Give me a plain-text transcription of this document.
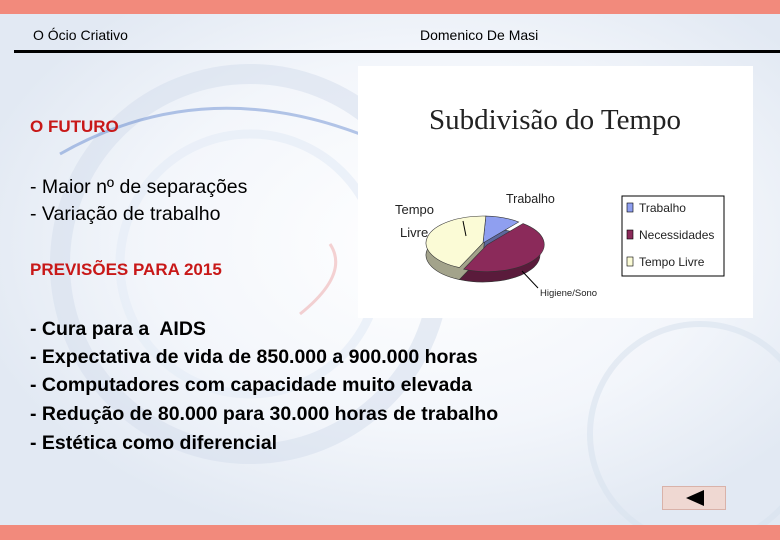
O Ócio Criativo	Domenico De Masi
O FUTURO
- Maior nº de separações
- Variação de trabalho
PREVISÕES PARA 2015
- Cura para a  AIDS
- Expectativa de vida de 850.000 a 900.000 horas
- Computadores com capacidade muito elevada
- Redução de 80.000 para 30.000 horas de trabalho
- Estética como diferencial
Subdivisão do Tempo
Trabalho
Tempo Livre
Higiene/Sono
Trabalho
Necessidades
Tempo Livre
